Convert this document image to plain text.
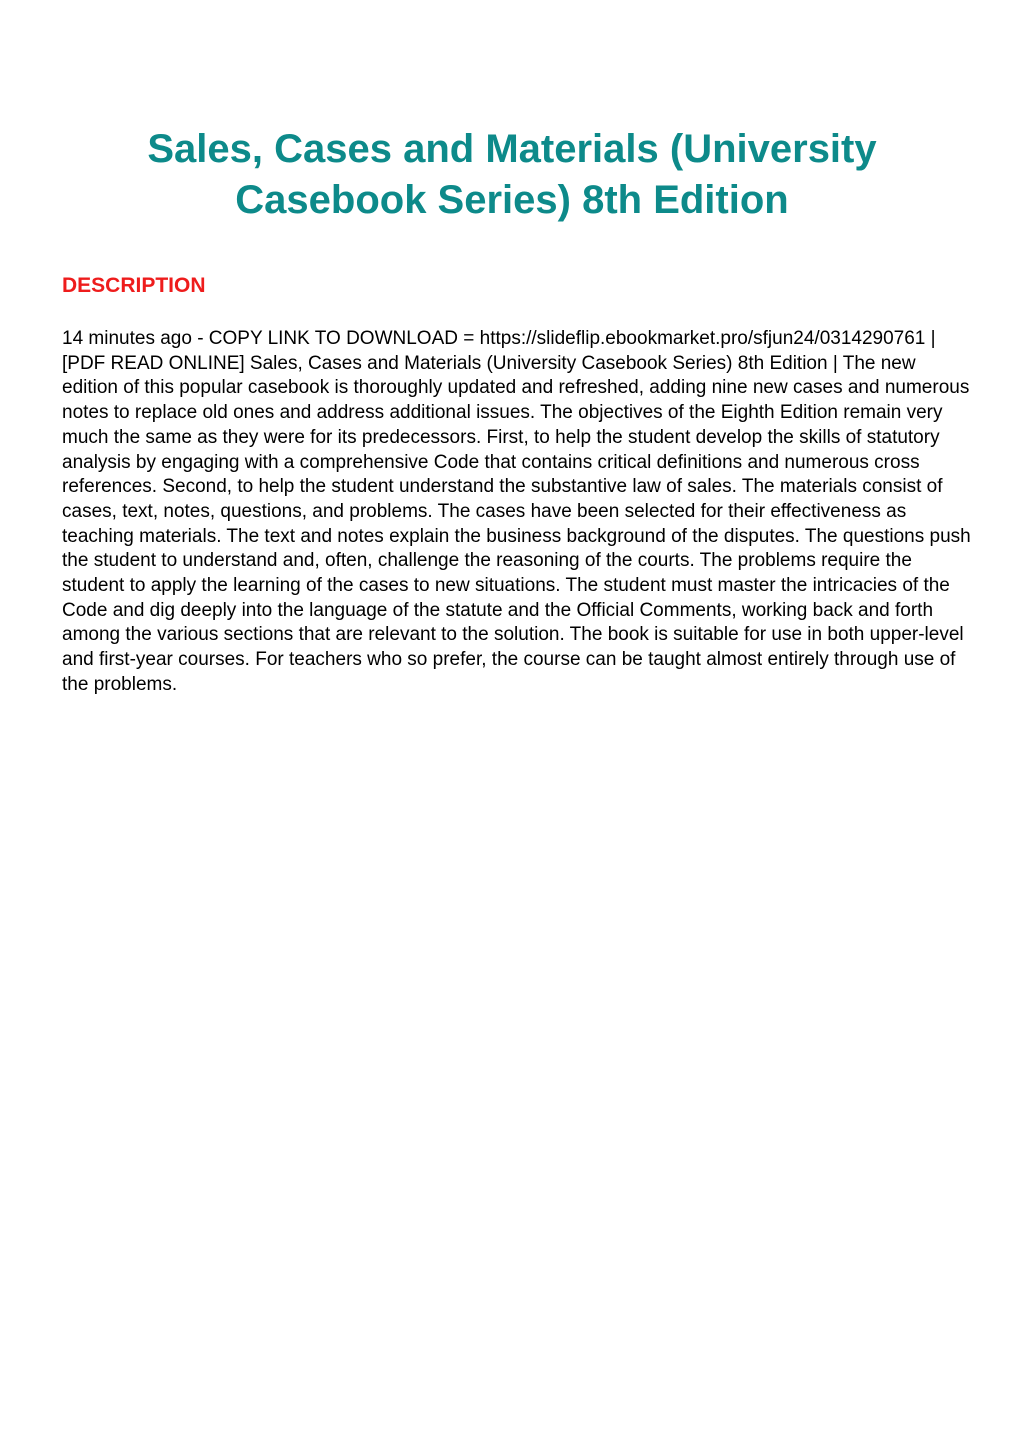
Sales, Cases and Materials (University Casebook Series) 8th Edition
DESCRIPTION

14 minutes ago - COPY LINK TO DOWNLOAD = https://slideflip.ebookmarket.pro/sfjun24/0314290761 | [PDF READ ONLINE] Sales, Cases and Materials (University Casebook Series) 8th Edition | The new edition of this popular casebook is thoroughly updated and refreshed, adding nine new cases and numerous notes to replace old ones and address additional issues. The objectives of the Eighth Edition remain very much the same as they were for its predecessors. First, to help the student develop the skills of statutory analysis by engaging with a comprehensive Code that contains critical definitions and numerous cross references. Second, to help the student understand the substantive law of sales. The materials consist of cases, text, notes, questions, and problems. The cases have been selected for their effectiveness as teaching materials. The text and notes explain the business background of the disputes. The questions push the student to understand and, often, challenge the reasoning of the courts. The problems require the student to apply the learning of the cases to new situations. The student must master the intricacies of the Code and dig deeply into the language of the statute and the Official Comments, working back and forth among the various sections that are relevant to the solution. The book is suitable for use in both upper-level and first-year courses. For teachers who so prefer, the course can be taught almost entirely through use of the problems.
